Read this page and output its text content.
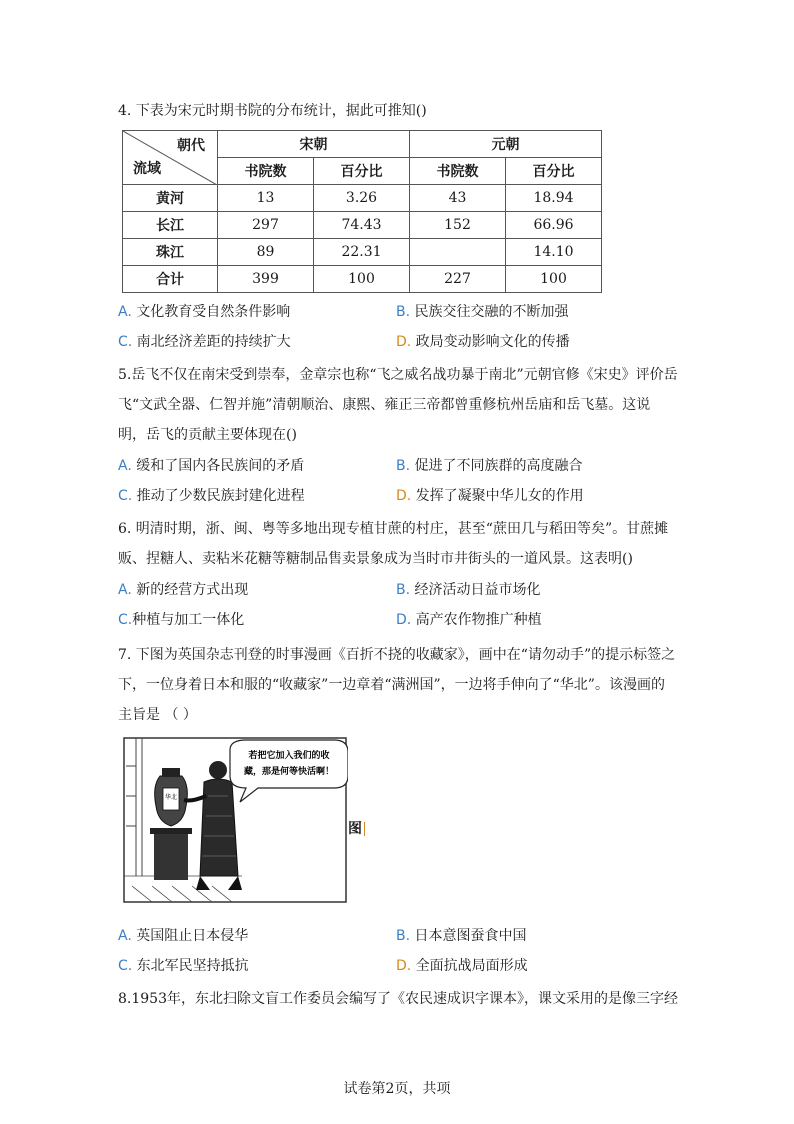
4. 下表为宋元时期书院的分布统计，据此可推知()
朝代
流域	宋朝		元朝	
	书院数	百分比	书院数	百分比
黄河	13	3.26	43	18.94
长江	297	74.43	152	66.96
珠江	89	22.31		14.10
合计	399	100	227	100
A. 文化教育受自然条件影响	B. 民族交往交融的不断加强
C. 南北经济差距的持续扩大	D. 政局变动影响文化的传播
5.岳飞不仅在南宋受到崇奉，金章宗也称“飞之威名战功暴于南北”元朝官修《宋史》评价岳飞“文武全器、仁智并施”清朝顺治、康熙、雍正三帝都曾重修杭州岳庙和岳飞墓。这说明，岳飞的贡献主要体现在()
A. 缓和了国内各民族间的矛盾	B. 促进了不同族群的高度融合
C. 推动了少数民族封建化进程	D. 发挥了凝聚中华儿女的作用
6. 明清时期，浙、闽、粤等多地出现专植甘蔗的村庄，甚至“蔗田几与稻田等矣”。甘蔗摊贩、捏糖人、卖粘米花糖等糖制品售卖景象成为当时市井街头的一道风景。这表明()
A. 新的经营方式出现	B. 经济活动日益市场化
C.种植与加工一体化	D. 高产农作物推广种植
7. 下图为英国杂志刊登的时事漫画《百折不挠的收藏家》，画中在“请勿动手”的提示标签之下，一位身着日本和服的“收藏家”一边章着“满洲国”，一边将手伸向了“华北”。该漫画的主旨是 （ ）
华北
若把它加入我们的收
藏，那是何等快活啊！
图
A. 英国阻止日本侵华	B. 日本意图蚕食中国
C. 东北军民坚持抵抗	D. 全面抗战局面形成
8.1953年，东北扫除文盲工作委员会编写了《农民速成识字课本》，课文采用的是像三字经
试卷第2页，共项
